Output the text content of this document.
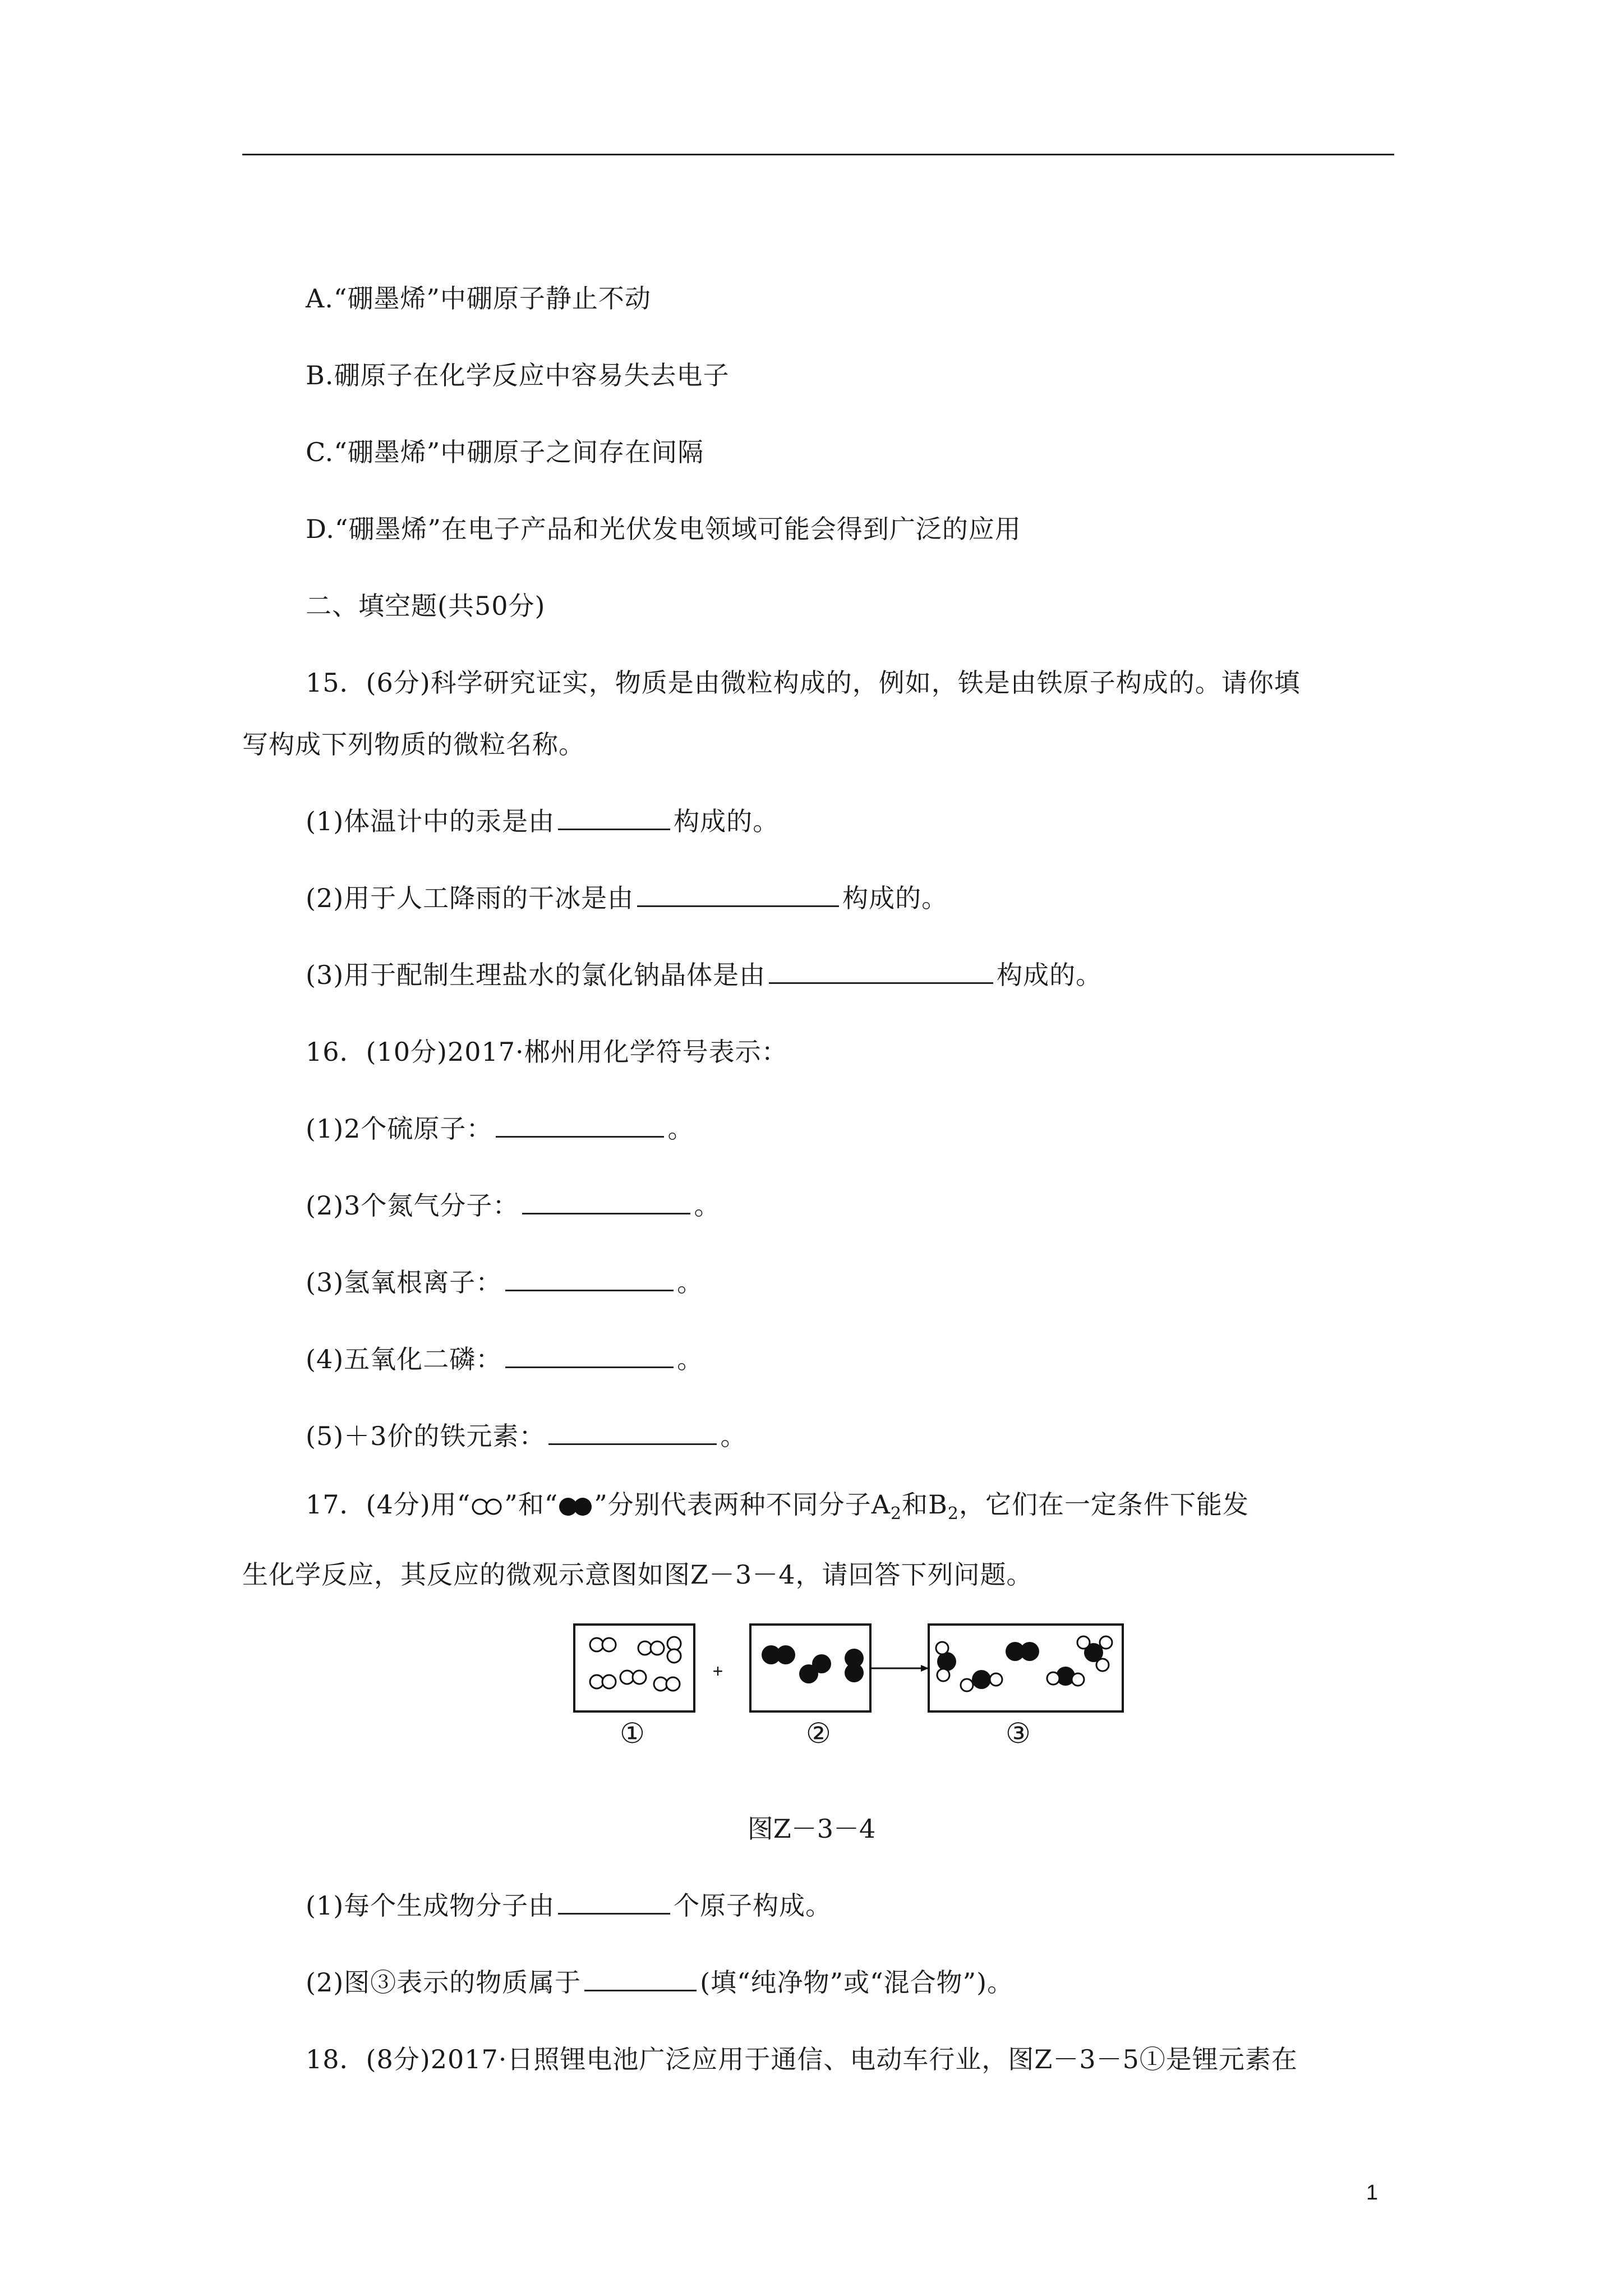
A.“硼墨烯”中硼原子静止不动
B.硼原子在化学反应中容易失去电子
C.“硼墨烯”中硼原子之间存在间隔
D.“硼墨烯”在电子产品和光伏发电领域可能会得到广泛的应用
二、填空题(共50分)
15．(6分)科学研究证实，物质是由微粒构成的，例如，铁是由铁原子构成的。请你填
写构成下列物质的微粒名称。
(1)体温计中的汞是由	构成的。
(2)用于人工降雨的干冰是由	构成的。
(3)用于配制生理盐水的氯化钠晶体是由	构成的。
16．(10分)2017·郴州用化学符号表示：
(1)2个硫原子：	。
(2)3个氮气分子：	。
(3)氢氧根离子：	。
(4)五氧化二磷：	。
(5)＋3价的铁元素：	。
17．(4分)用“ ”和“ ”分别代表两种不同分子$A_2$和$B_2$，它们在一定条件下能发
生化学反应，其反应的微观示意图如图Z－3－4，请回答下列问题。
+
①	②	③
图Z－3－4
(1)每个生成物分子由	个原子构成。
(2)图③表示的物质属于	(填“纯净物”或“混合物”)。
18．(8分)2017·日照锂电池广泛应用于通信、电动车行业，图Z－3－5①是锂元素在
1
